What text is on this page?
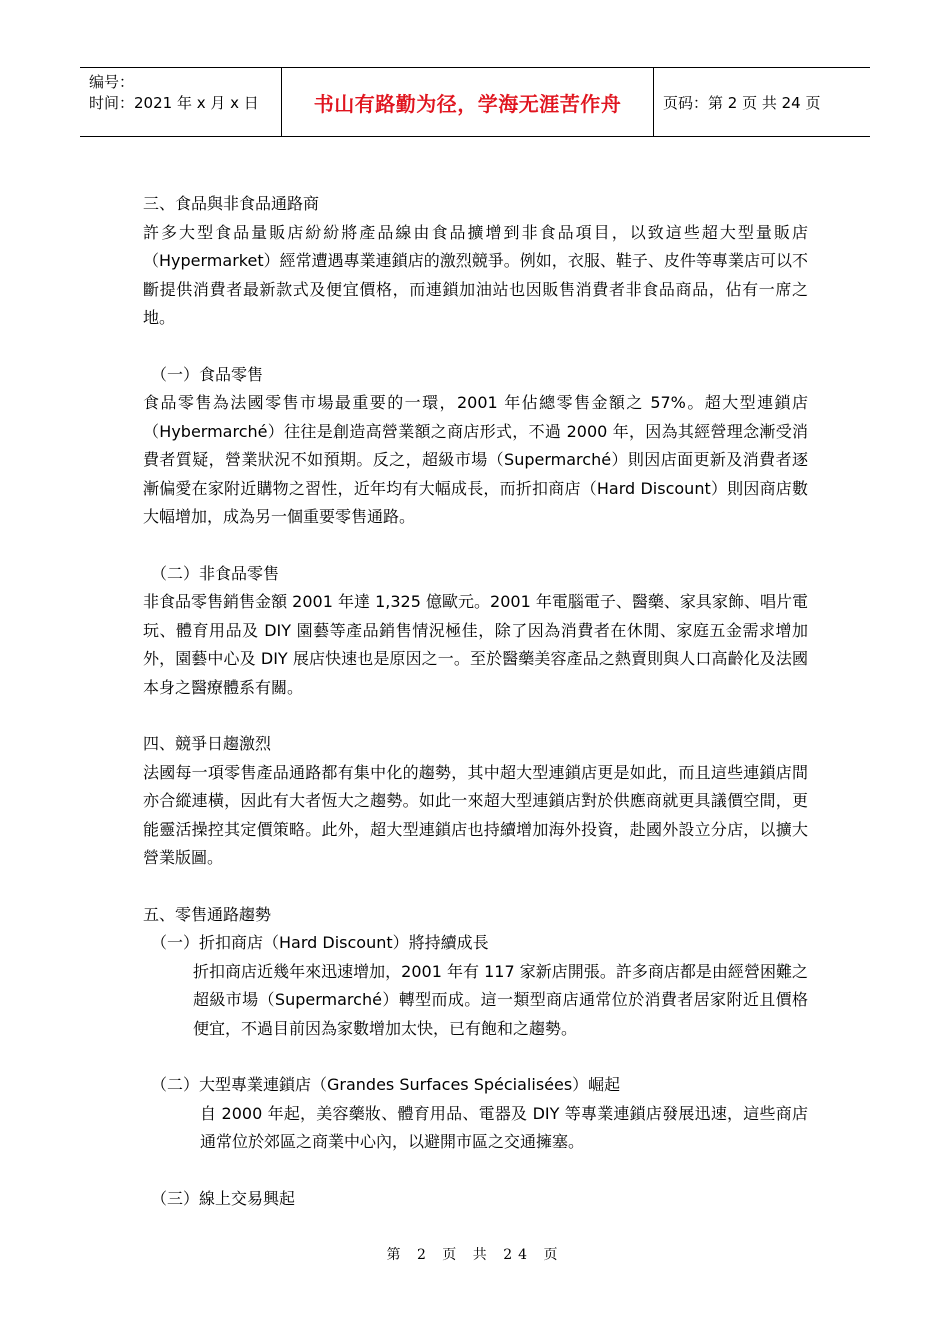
编号：
时间：2021 年 x 月 x 日	书山有路勤为径，学海无涯苦作舟	页码：第 2 页 共 24 页

三、食品與非食品通路商

許多大型食品量販店紛紛將產品線由食品擴增到非食品項目，以致這些超大型量販店（Hypermarket）經常遭遇專業連鎖店的激烈競爭。例如，衣服、鞋子、皮件等專業店可以不斷提供消費者最新款式及便宜價格，而連鎖加油站也因販售消費者非食品商品，佔有一席之地。

（一）食品零售

食品零售為法國零售市場最重要的一環，2001 年佔總零售金額之 57%。超大型連鎖店（Hybermarché）往往是創造高營業額之商店形式，不過 2000 年，因為其經營理念漸受消費者質疑，營業狀況不如預期。反之，超級市場（Supermarché）則因店面更新及消費者逐漸偏愛在家附近購物之習性，近年均有大幅成長，而折扣商店（Hard Discount）則因商店數大幅增加，成為另一個重要零售通路。

（二）非食品零售

非食品零售銷售金額 2001 年達 1,325 億歐元。2001 年電腦電子、醫藥、家具家飾、唱片電玩、體育用品及 DIY 園藝等產品銷售情況極佳，除了因為消費者在休閒、家庭五金需求增加外，園藝中心及 DIY 展店快速也是原因之一。至於醫藥美容產品之熱賣則與人口高齡化及法國本身之醫療體系有關。

四、競爭日趨激烈

法國每一項零售產品通路都有集中化的趨勢，其中超大型連鎖店更是如此，而且這些連鎖店間亦合縱連橫，因此有大者恆大之趨勢。如此一來超大型連鎖店對於供應商就更具議價空間，更能靈活操控其定價策略。此外，超大型連鎖店也持續增加海外投資，赴國外設立分店，以擴大營業版圖。

五、零售通路趨勢

（一）折扣商店（Hard Discount）將持續成長

折扣商店近幾年來迅速增加，2001 年有 117 家新店開張。許多商店都是由經營困難之超級市場（Supermarché）轉型而成。這一類型商店通常位於消費者居家附近且價格便宜，不過目前因為家數增加太快，已有飽和之趨勢。

（二）大型專業連鎖店（Grandes Surfaces Spécialisées）崛起

自 2000 年起，美容藥妝、體育用品、電器及 DIY 等專業連鎖店發展迅速，這些商店通常位於郊區之商業中心內，以避開市區之交通擁塞。

（三）線上交易興起

第 2 页 共 24 页
